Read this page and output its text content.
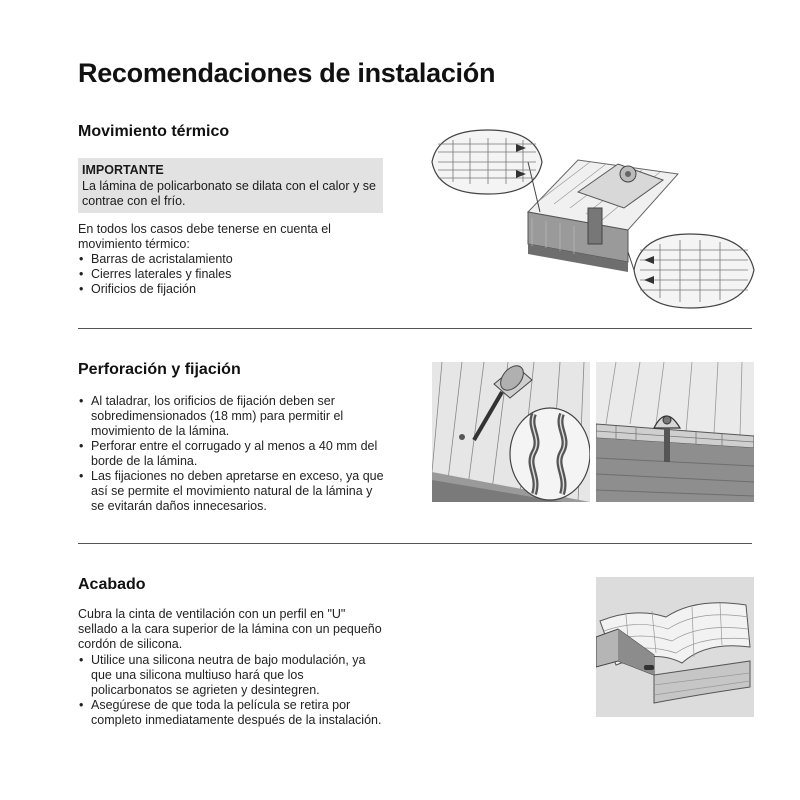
Recomendaciones de instalación
Movimiento térmico
IMPORTANTE
La lámina de policarbonato se dilata con el calor y se contrae con el frío.
En todos los casos debe tenerse en cuenta el movimiento térmico:
• Barras de acristalamiento
• Cierres laterales y finales
• Orificios de fijación
Perforación y fijación
• Al taladrar, los orificios de fijación deben ser sobredimensionados (18 mm) para permitir el movimiento de la lámina.
• Perforar entre el corrugado y al menos a 40 mm del borde de la lámina.
• Las fijaciones no deben apretarse en exceso, ya que así se permite el movimiento natural de la lámina y se evitarán daños innecesarios.
Acabado
Cubra la cinta de ventilación con un perfil en "U" sellado a la cara superior de la lámina con un pequeño cordón de silicona.
• Utilice una silicona neutra de bajo modulación, ya que una silicona multiuso hará que los policarbonatos se agrieten y desintegren.
• Asegúrese de que toda la película se retira por completo inmediatamente después de la instalación.
